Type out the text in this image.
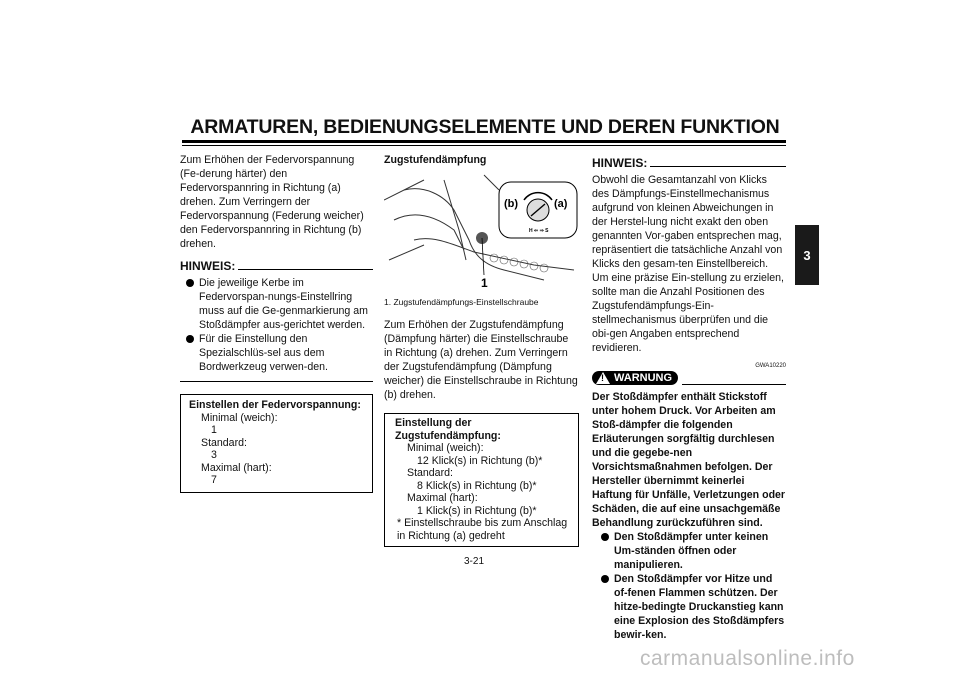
ARMATUREN, BEDIENUNGSELEMENTE UND DEREN FUNKTION
3
Zum Erhöhen der Federvorspannung (Fe-derung härter) den Federvorspannring in Richtung (a) drehen. Zum Verringern der Federvorspannung (Federung weicher) den Federvorspannring in Richtung (b) drehen.
HINWEIS:
Die jeweilige Kerbe im Federvorspan-nungs-Einstellring muss auf die Ge-genmarkierung am Stoßdämpfer aus-gerichtet werden.
Für die Einstellung den Spezialschlüs-sel aus dem Bordwerkzeug verwen-den.
Einstellen der Federvorspannung:
Minimal (weich):
1
Standard:
3
Maximal (hart):
7
Zugstufendämpfung
1
(b)	(a)
H ⇐ ⇒ S
1. Zugstufendämpfungs-Einstellschraube
Zum Erhöhen der Zugstufendämpfung (Dämpfung härter) die Einstellschraube in Richtung (a) drehen. Zum Verringern der Zugstufendämpfung (Dämpfung weicher) die Einstellschraube in Richtung (b) drehen.
Einstellung der Zugstufendämpfung:
Minimal (weich):
12 Klick(s) in Richtung (b)*
Standard:
8 Klick(s) in Richtung (b)*
Maximal (hart):
1 Klick(s) in Richtung (b)*
* Einstellschraube bis zum Anschlag in Richtung (a) gedreht
HINWEIS:
Obwohl die Gesamtanzahl von Klicks des Dämpfungs-Einstellmechanismus aufgrund von kleinen Abweichungen in der Herstel-lung nicht exakt den oben genannten Vor-gaben entsprechen mag, repräsentiert die tatsächliche Anzahl von Klicks den gesam-ten Einstellbereich. Um eine präzise Ein-stellung zu erzielen, sollte man die Anzahl Positionen des Zugstufendämpfungs-Ein-stellmechanismus überprüfen und die obi-gen Angaben entsprechend revidieren.
GWA10220
! WARNUNG
Der Stoßdämpfer enthält Stickstoff unter hohem Druck. Vor Arbeiten am Stoß-dämpfer die folgenden Erläuterungen sorgfältig durchlesen und die gegebe-nen Vorsichtsmaßnahmen befolgen. Der Hersteller übernimmt keinerlei Haftung für Unfälle, Verletzungen oder Schäden, die auf eine unsachgemäße Behandlung zurückzuführen sind.
Den Stoßdämpfer unter keinen Um-ständen öffnen oder manipulieren.
Den Stoßdämpfer vor Hitze und of-fenen Flammen schützen. Der hitze-bedingte Druckanstieg kann eine Explosion des Stoßdämpfers bewir-ken.
3-21
carmanualsonline.info
